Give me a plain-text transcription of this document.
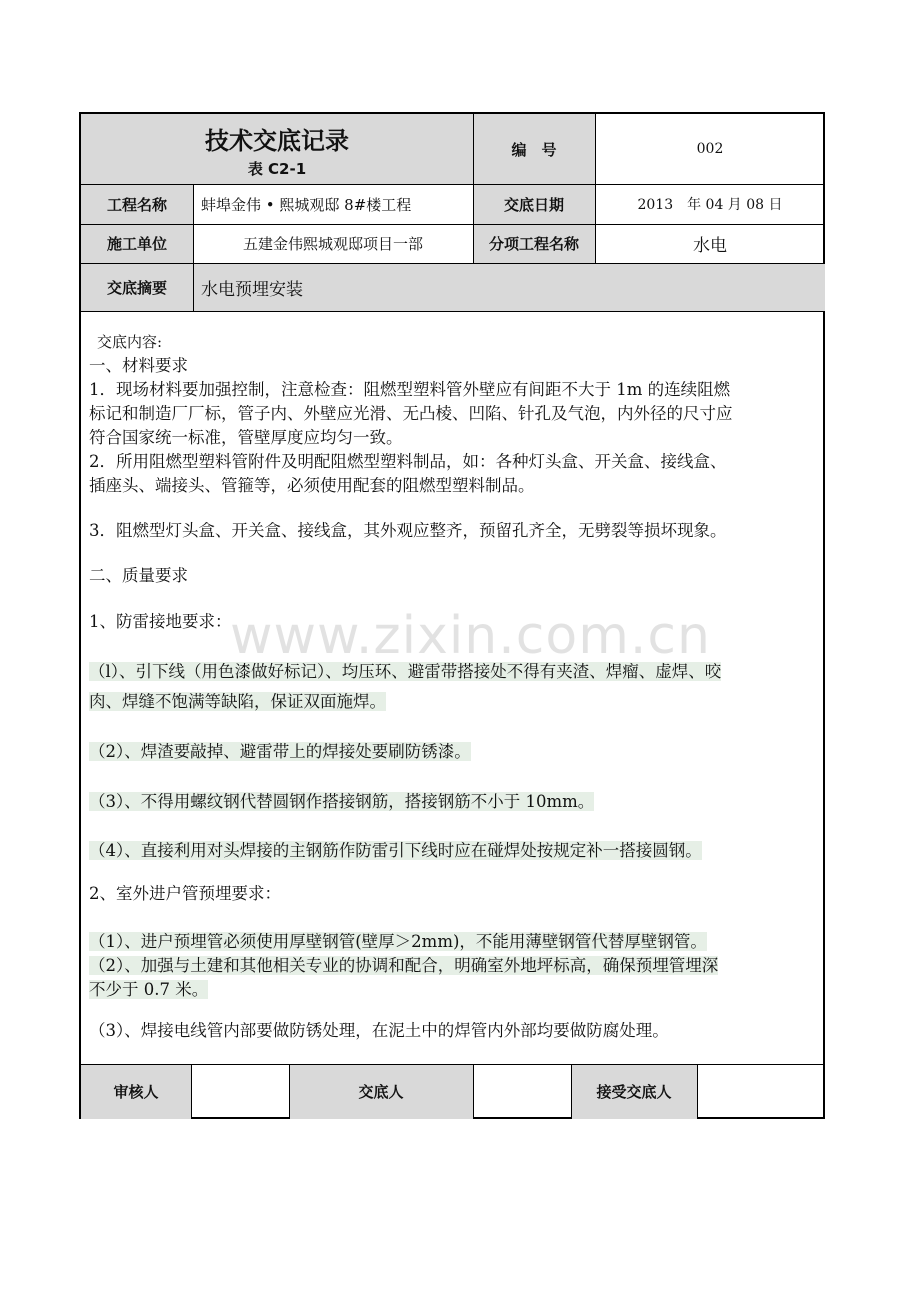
技术交底记录
表 C2-1
编　号	002
工程名称	蚌埠金伟 • 熙城观邸 8#楼工程	交底日期	2013　年 04 月 08 日
施工单位	五建金伟熙城观邸项目一部	分项工程名称	水电
交底摘要	水电预埋安装
交底内容:
一、材料要求
1．现场材料要加强控制，注意检查：阻燃型塑料管外壁应有间距不大于 1m 的连续阻燃
标记和制造厂厂标，管子内、外壁应光滑、无凸棱、凹陷、针孔及气泡，内外径的尺寸应
符合国家统一标准，管壁厚度应均匀一致。
2．所用阻燃型塑料管附件及明配阻燃型塑料制品，如：各种灯头盒、开关盒、接线盒、
插座头、端接头、管箍等，必须使用配套的阻燃型塑料制品。
3．阻燃型灯头盒、开关盒、接线盒，其外观应整齐，预留孔齐全，无劈裂等损坏现象。
二、质量要求
1、防雷接地要求：
（l）、引下线（用色漆做好标记）、均压环、避雷带搭接处不得有夹渣、焊瘤、虚焊、咬
肉、焊缝不饱满等缺陷，保证双面施焊。
（2）、焊渣要敲掉、避雷带上的焊接处要刷防锈漆。
（3）、不得用螺纹钢代替圆钢作搭接钢筋，搭接钢筋不小于 10mm。
（4）、直接利用对头焊接的主钢筋作防雷引下线时应在碰焊处按规定补一搭接圆钢。
2、室外进户管预埋要求：
（1）、进户预埋管必须使用厚壁钢管(壁厚＞2mm)，不能用薄壁钢管代替厚壁钢管。
（2）、加强与土建和其他相关专业的协调和配合，明确室外地坪标高，确保预埋管埋深
不少于 0.7 米。
（3）、焊接电线管内部要做防锈处理，在泥土中的焊管内外部均要做防腐处理。
审核人	交底人	接受交底人
www.zixin.com.cn
